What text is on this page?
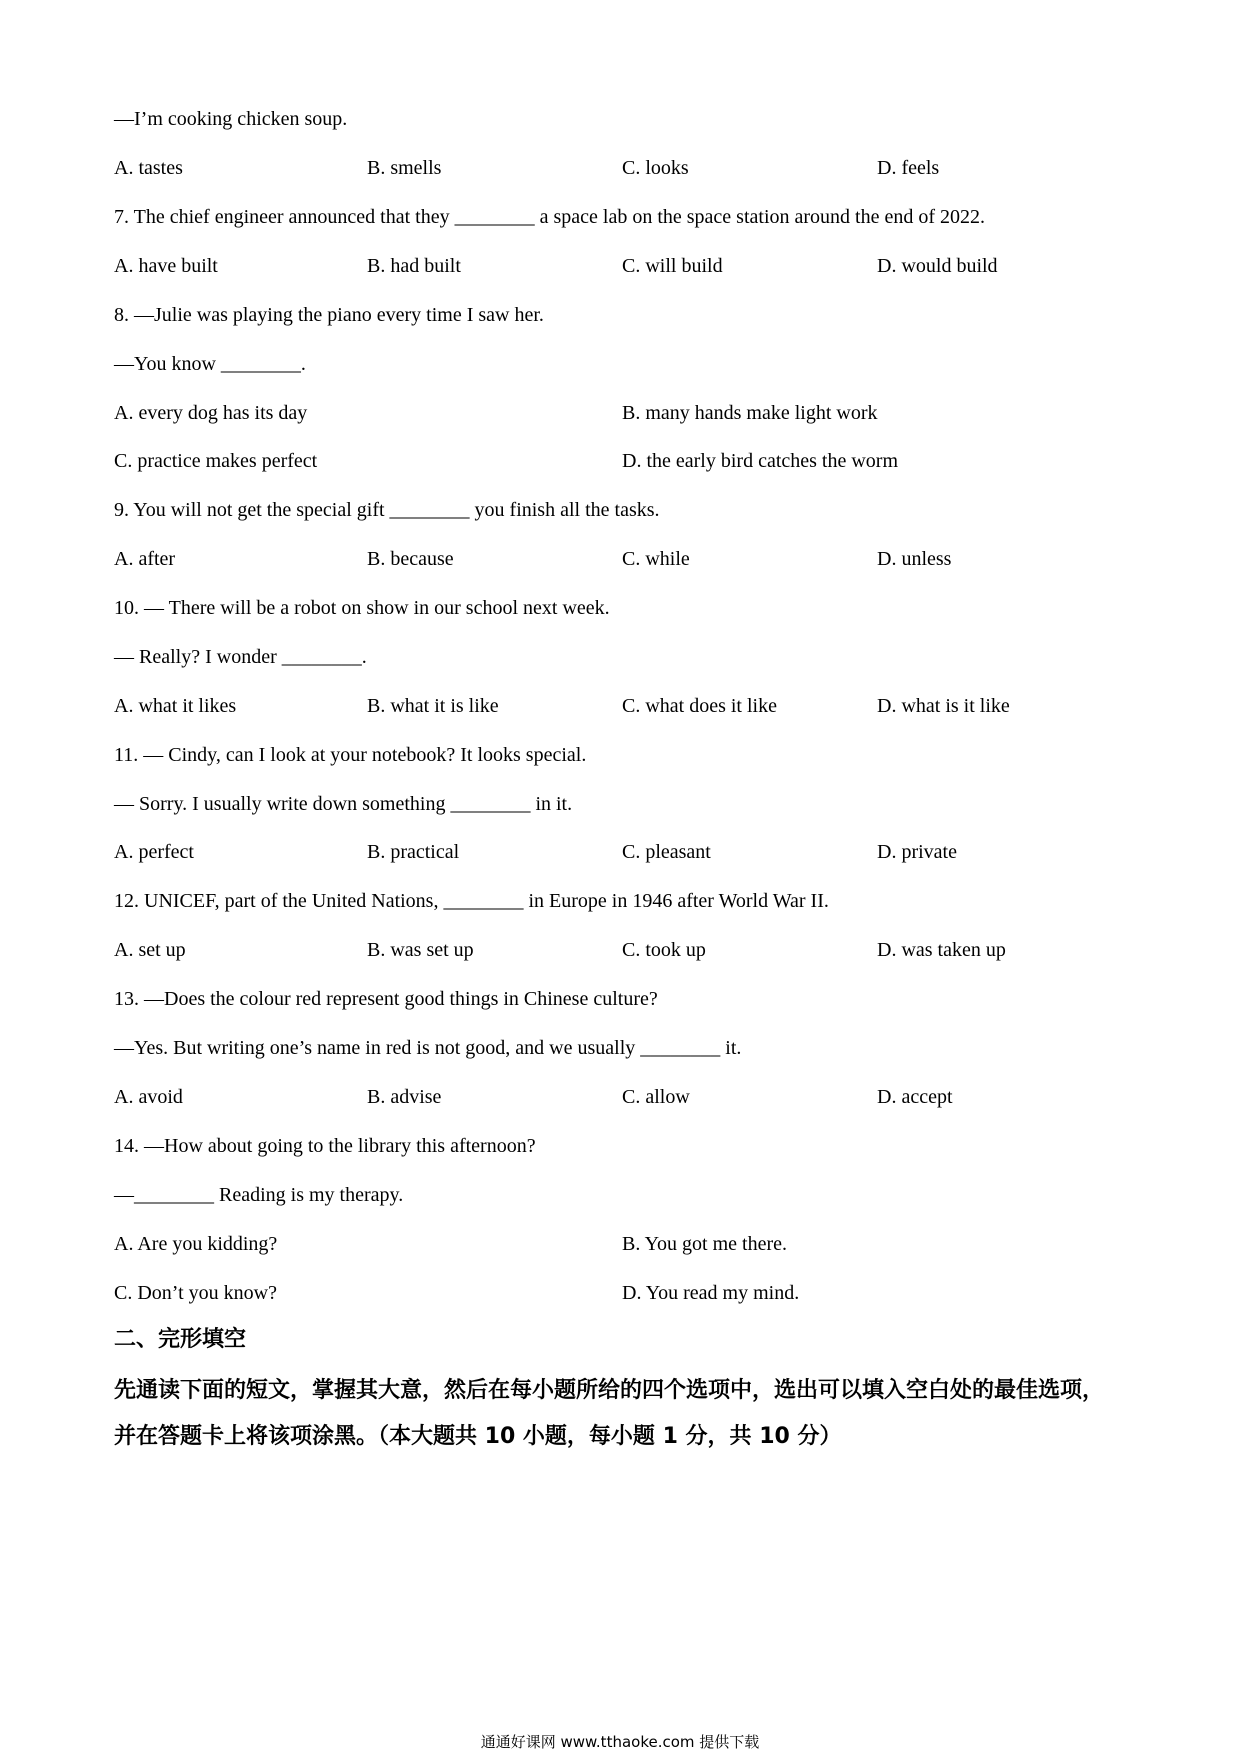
—I’m cooking chicken soup.
A. tastes	B. smells	C. looks	D. feels
7. The chief engineer announced that they ________ a space lab on the space station around the end of 2022.
A. have built	B. had built	C. will build	D. would build
8. —Julie was playing the piano every time I saw her.
—You know ________.
A. every dog has its day	B. many hands make light work
C. practice makes perfect	D. the early bird catches the worm
9. You will not get the special gift ________ you finish all the tasks.
A. after	B. because	C. while	D. unless
10. — There will be a robot on show in our school next week.
— Really? I wonder ________.
A. what it likes	B. what it is like	C. what does it like	D. what is it like
11. — Cindy, can I look at your notebook? It looks special.
— Sorry. I usually write down something ________ in it.
A. perfect	B. practical	C. pleasant	D. private
12. UNICEF, part of the United Nations, ________ in Europe in 1946 after World War II.
A. set up	B. was set up	C. took up	D. was taken up
13. —Does the colour red represent good things in Chinese culture?
—Yes. But writing one’s name in red is not good, and we usually ________ it.
A. avoid	B. advise	C. allow	D. accept
14. —How about going to the library this afternoon?
—________ Reading is my therapy.
A. Are you kidding?	B. You got me there.
C. Don’t you know?	D. You read my mind.
二、完形填空
先通读下面的短文，掌握其大意，然后在每小题所给的四个选项中，选出可以填入空白处的最佳选项，并在答题卡上将该项涂黑。（本大题共 10 小题，每小题 1 分，共 10 分）
通通好课网 www.tthaoke.com 提供下载
